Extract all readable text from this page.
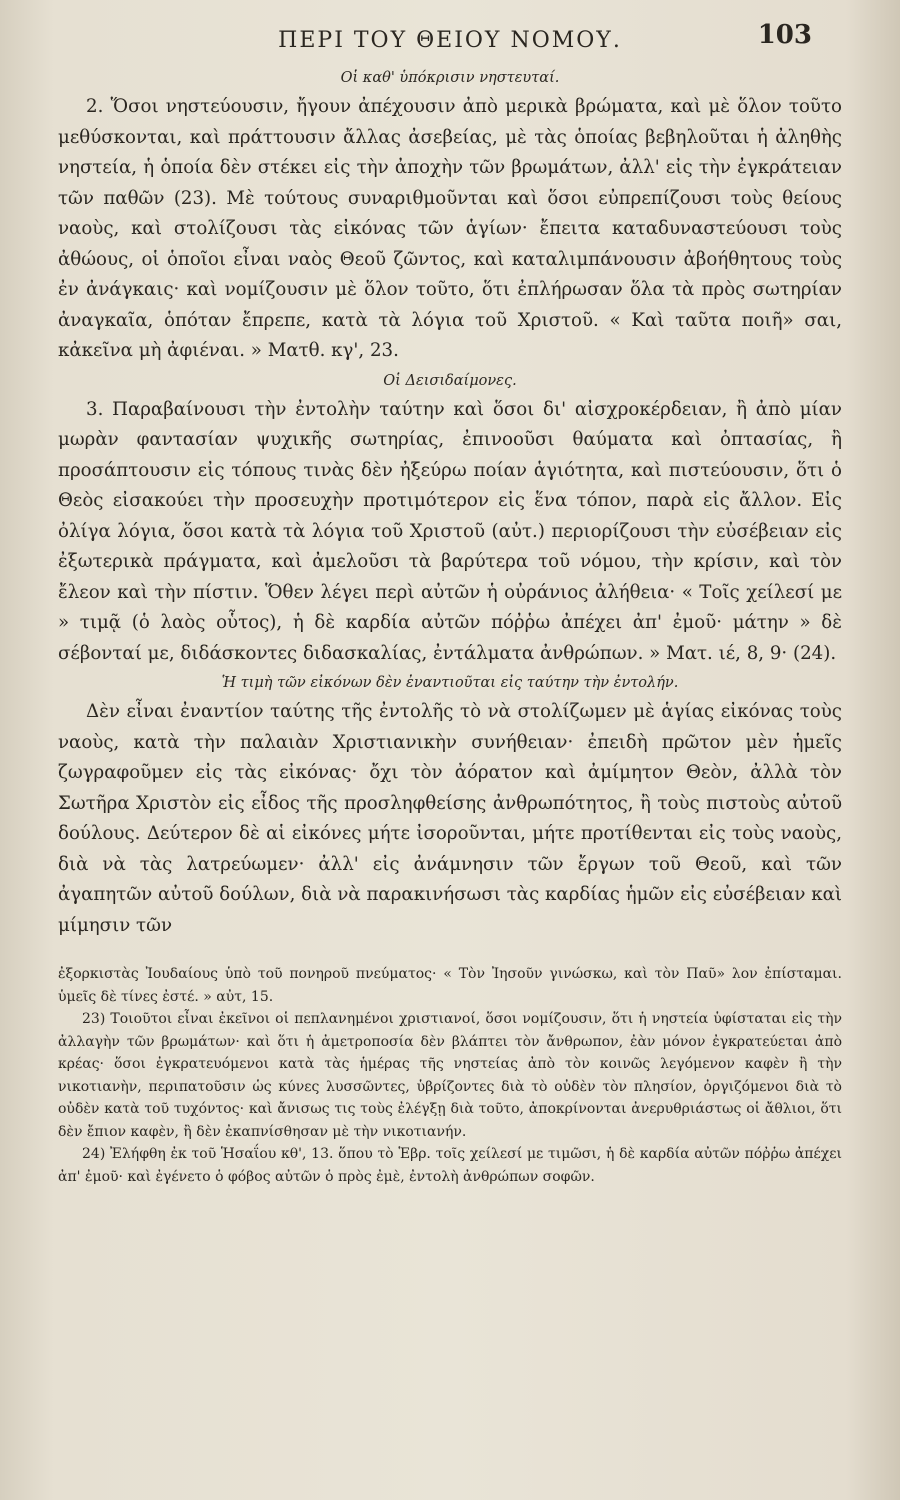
ΠΕΡΙ ΤΟΥ ΘΕΙΟΥ ΝΟΜΟΥ.	103
Οἱ καθ' ὑπόκρισιν νηστευταί.

2. Ὅσοι νηστεύουσιν, ἤγουν ἀπέχουσιν ἀπὸ μερικὰ βρώματα, καὶ μὲ ὅλον τοῦτο μεθύσκονται, καὶ πράττουσιν ἄλλας ἀσεβείας, μὲ τὰς ὁποίας βεβηλοῦται ἡ ἀληθὴς νηστεία, ἡ ὁποία δὲν στέκει εἰς τὴν ἀποχὴν τῶν βρωμάτων, ἀλλ' εἰς τὴν ἐγκράτειαν τῶν παθῶν (23). Μὲ τούτους συναριθμοῦνται καὶ ὅσοι εὐπρεπίζουσι τοὺς θείους ναοὺς, καὶ στολίζουσι τὰς εἰκόνας τῶν ἁγίων· ἔπειτα καταδυναστεύουσι τοὺς ἀθώους, οἱ ὁποῖοι εἶναι ναὸς Θεοῦ ζῶντος, καὶ καταλιμπάνουσιν ἀβοήθητους τοὺς ἐν ἀνάγκαις· καὶ νομίζουσιν μὲ ὅλον τοῦτο, ὅτι ἐπλήρωσαν ὅλα τὰ πρὸς σωτηρίαν ἀναγκαῖα, ὁπόταν ἔπρεπε, κατὰ τὰ λόγια τοῦ Χριστοῦ. « Καὶ ταῦτα ποιῆ» σαι, κἀκεῖνα μὴ ἀφιέναι. » Ματθ. κγ', 23.

Οἱ Δεισιδαίμονες.

3. Παραβαίνουσι τὴν ἐντολὴν ταύτην καὶ ὅσοι δι' αἰσχροκέρδειαν, ἢ ἀπὸ μίαν μωρὰν φαντασίαν ψυχικῆς σωτηρίας, ἐπινοοῦσι θαύματα καὶ ὀπτασίας, ἢ προσάπτουσιν εἰς τόπους τινὰς δὲν ἠξεύρω ποίαν ἁγιότητα, καὶ πιστεύουσιν, ὅτι ὁ Θεὸς εἰσακούει τὴν προσευχὴν προτιμότερον εἰς ἕνα τόπον, παρὰ εἰς ἄλλον. Εἰς ὀλίγα λόγια, ὅσοι κατὰ τὰ λόγια τοῦ Χριστοῦ (αὐτ.) περιορίζουσι τὴν εὐσέβειαν εἰς ἐξωτερικὰ πράγματα, καὶ ἀμελοῦσι τὰ βαρύτερα τοῦ νόμου, τὴν κρίσιν, καὶ τὸν ἔλεον καὶ τὴν πίστιν. Ὅθεν λέγει περὶ αὐτῶν ἡ οὐράνιος ἀλήθεια· « Τοῖς χείλεσί με » τιμᾷ (ὁ λαὸς οὗτος), ἡ δὲ καρδία αὐτῶν πόῤῥω ἀπέχει ἀπ' ἐμοῦ· μάτην » δὲ σέβονταί με, διδάσκοντες διδασκαλίας, ἐντάλματα ἀνθρώπων. » Ματ. ιέ, 8, 9· (24).

Ἡ τιμὴ τῶν εἰκόνων δὲν ἐναντιοῦται εἰς ταύτην τὴν ἐντολήν.

Δὲν εἶναι ἐναντίον ταύτης τῆς ἐντολῆς τὸ νὰ στολίζωμεν μὲ ἁγίας εἰκόνας τοὺς ναοὺς, κατὰ τὴν παλαιὰν Χριστιανικὴν συνήθειαν· ἐπειδὴ πρῶτον μὲν ἡμεῖς ζωγραφοῦμεν εἰς τὰς εἰκόνας· ὄχι τὸν ἀόρατον καὶ ἀμίμητον Θεὸν, ἀλλὰ τὸν Σωτῆρα Χριστὸν εἰς εἶδος τῆς προσληφθείσης ἀνθρωπότητος, ἢ τοὺς πιστοὺς αὐτοῦ δούλους. Δεύτερον δὲ αἱ εἰκόνες μήτε ἰσοροῦνται, μήτε προτίθενται εἰς τοὺς ναοὺς, διὰ νὰ τὰς λατρεύωμεν· ἀλλ' εἰς ἀνάμνησιν τῶν ἔργων τοῦ Θεοῦ, καὶ τῶν ἀγαπητῶν αὐτοῦ δούλων, διὰ νὰ παρακινήσωσι τὰς καρδίας ἡμῶν εἰς εὐσέβειαν καὶ μίμησιν τῶν

ἐξορκιστὰς Ἰουδαίους ὑπὸ τοῦ πονηροῦ πνεύματος· « Τὸν Ἰησοῦν γινώσκω, καὶ τὸν Παῦ» λον ἐπίσταμαι. ὑμεῖς δὲ τίνες ἐστέ. » αὐτ, 15.

23) Τοιοῦτοι εἶναι ἐκεῖνοι οἱ πεπλανημένοι χριστιανοί, ὅσοι νομίζουσιν, ὅτι ἡ νηστεία ὑφίσταται εἰς τὴν ἀλλαγὴν τῶν βρωμάτων· καὶ ὅτι ἡ ἀμετροποσία δὲν βλάπτει τὸν ἄνθρωπον, ἐὰν μόνον ἐγκρατεύεται ἀπὸ κρέας· ὅσοι ἐγκρατευόμενοι κατὰ τὰς ἡμέρας τῆς νηστείας ἀπὸ τὸν κοινῶς λεγόμενον καφὲν ἢ τὴν νικοτιανὴν, περιπατοῦσιν ὡς κύνες λυσσῶντες, ὑβρίζοντες διὰ τὸ οὐδὲν τὸν πλησίον, ὀργιζόμενοι διὰ τὸ οὐδὲν κατὰ τοῦ τυχόντος· καὶ ἄνισως τις τοὺς ἐλέγξῃ διὰ τοῦτο, ἀποκρίνονται ἀνερυθριάστως οἱ ἄθλιοι, ὅτι δὲν ἔπιον καφὲν, ἢ δὲν ἐκαπνίσθησαν μὲ τὴν νικοτιανήν.

24) Ἐλήφθη ἐκ τοῦ Ἡσαΐου κθ', 13. ὅπου τὸ Ἑβρ. τοῖς χείλεσί με τιμῶσι, ἡ δὲ καρδία αὐτῶν πόῤῥω ἀπέχει ἀπ' ἐμοῦ· καὶ ἐγένετο ὁ φόβος αὐτῶν ὁ πρὸς ἐμὲ, ἐντολὴ ἀνθρώπων σοφῶν.
